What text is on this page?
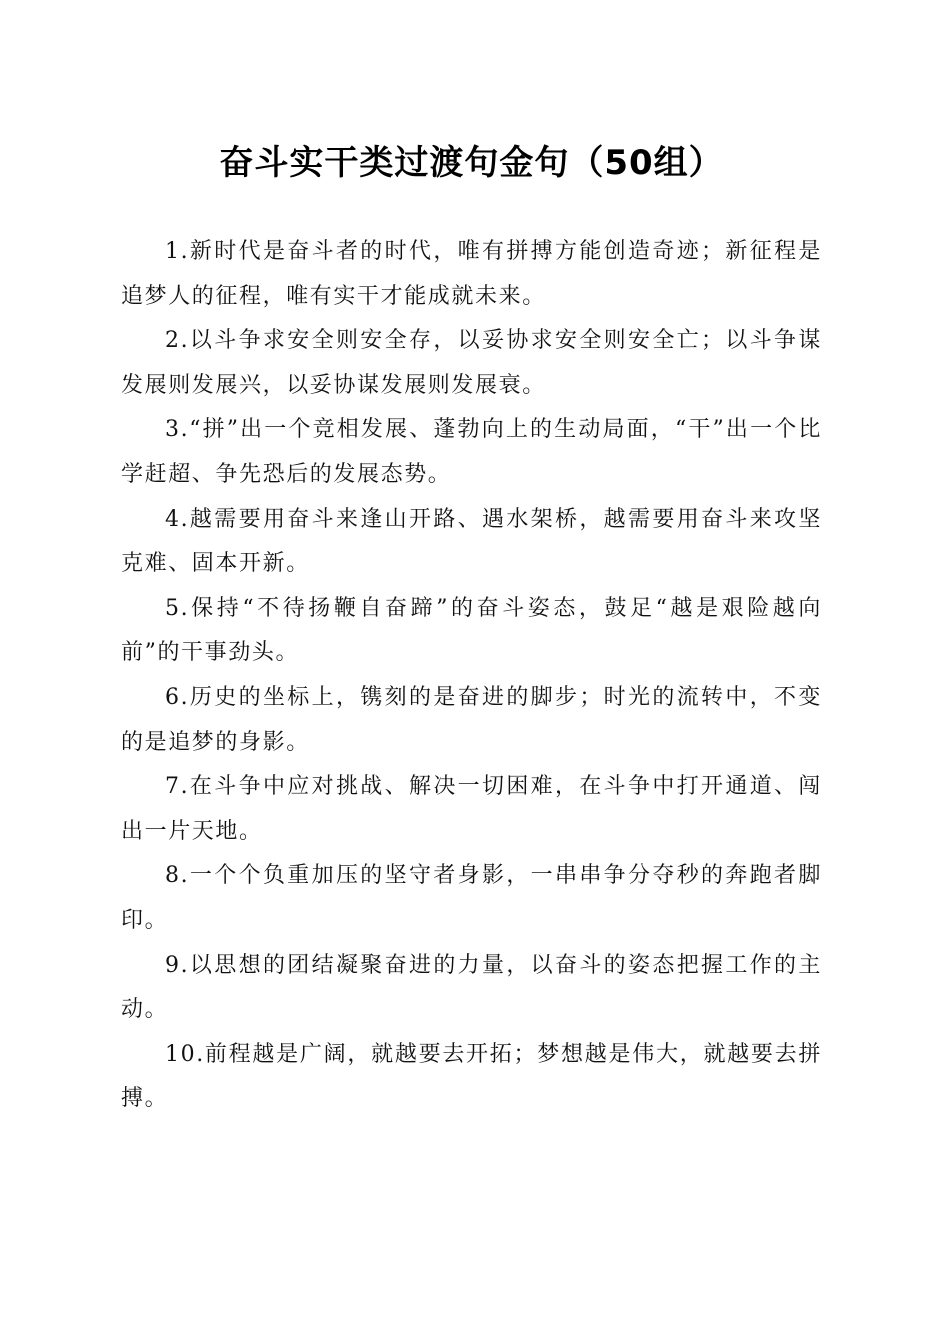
奋斗实干类过渡句金句（50组）

1.新时代是奋斗者的时代，唯有拼搏方能创造奇迹；新征程是追梦人的征程，唯有实干才能成就未来。

2.以斗争求安全则安全存，以妥协求安全则安全亡；以斗争谋发展则发展兴，以妥协谋发展则发展衰。

3.“拼”出一个竞相发展、蓬勃向上的生动局面，“干”出一个比学赶超、争先恐后的发展态势。

4.越需要用奋斗来逢山开路、遇水架桥，越需要用奋斗来攻坚克难、固本开新。

5.保持“不待扬鞭自奋蹄”的奋斗姿态，鼓足“越是艰险越向前”的干事劲头。

6.历史的坐标上，镌刻的是奋进的脚步；时光的流转中，不变的是追梦的身影。

7.在斗争中应对挑战、解决一切困难，在斗争中打开通道、闯出一片天地。

8.一个个负重加压的坚守者身影，一串串争分夺秒的奔跑者脚印。

9.以思想的团结凝聚奋进的力量，以奋斗的姿态把握工作的主动。

10.前程越是广阔，就越要去开拓；梦想越是伟大，就越要去拼搏。
